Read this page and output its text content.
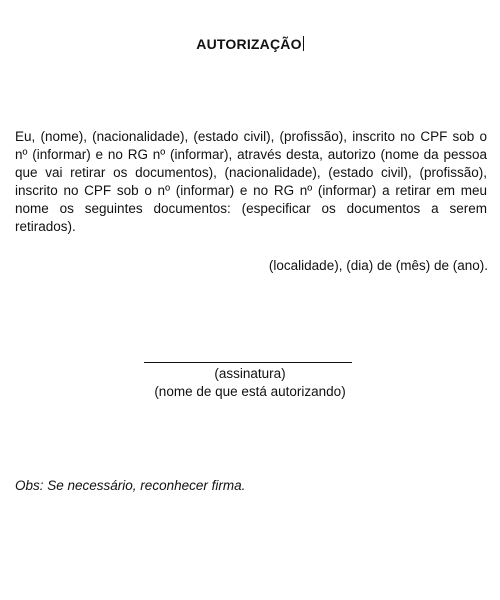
AUTORIZAÇÃO

Eu, (nome), (nacionalidade), (estado civil), (profissão), inscrito no CPF sob o nº (informar) e no RG nº (informar), através desta, autorizo (nome da pessoa que vai retirar os documentos), (nacionalidade), (estado civil), (profissão), inscrito no CPF sob o nº (informar) e no RG nº (informar) a retirar em meu nome os seguintes documentos: (especificar os documentos a serem retirados).

(localidade), (dia) de (mês) de (ano).
(assinatura)
(nome de que está autorizando)
Obs: Se necessário, reconhecer firma.
